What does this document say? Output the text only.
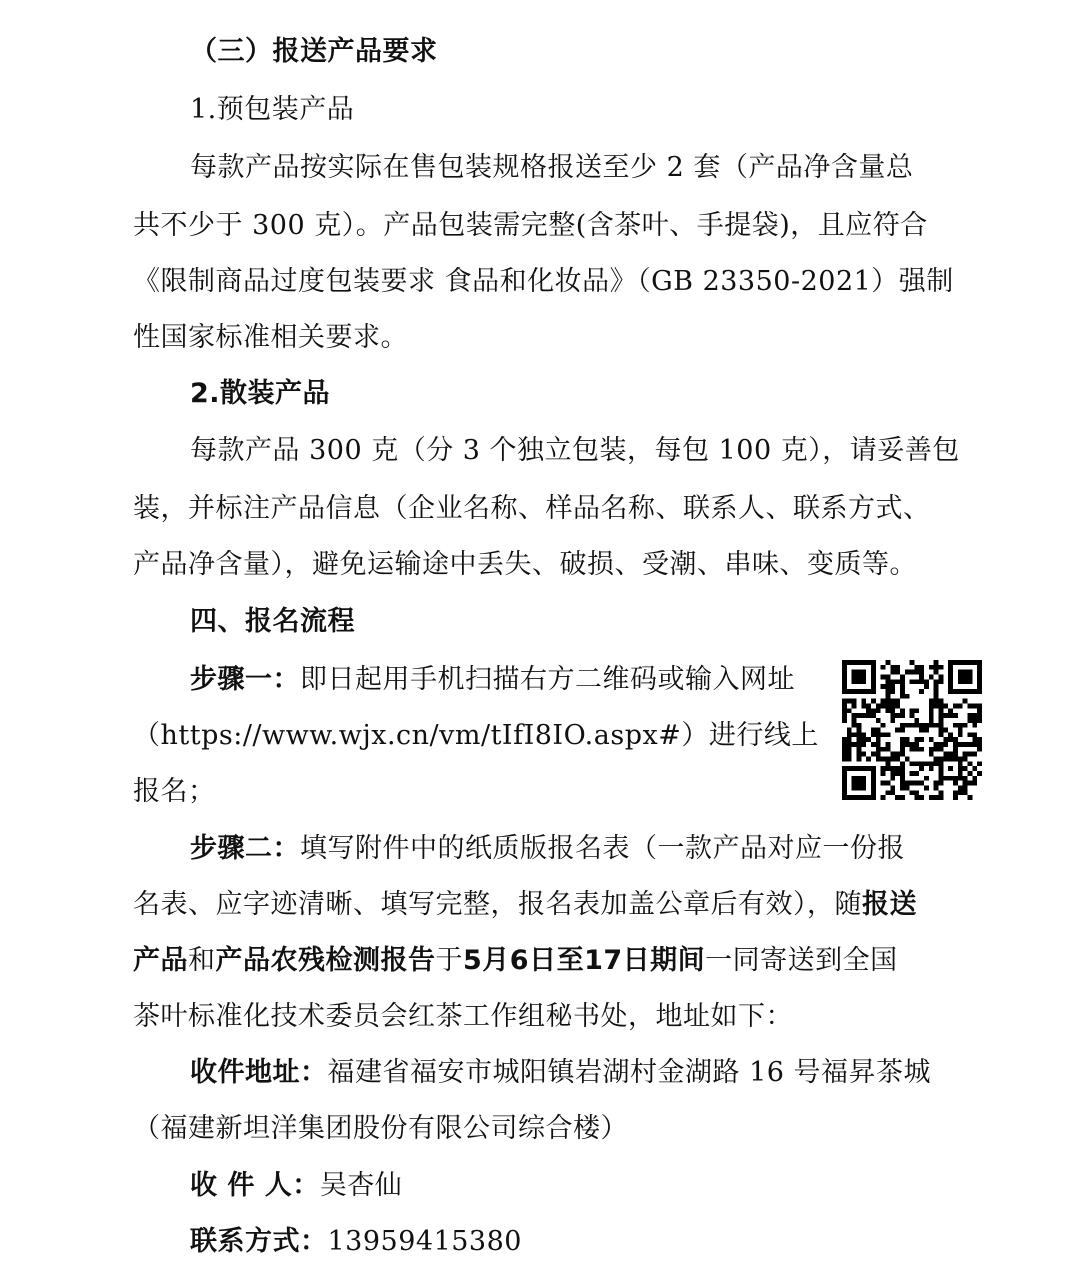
（三）报送产品要求
1.预包装产品
每款产品按实际在售包装规格报送至少 2 套（产品净含量总
共不少于 300 克）。产品包装需完整(含茶叶、手提袋)，且应符合
《限制商品过度包装要求 食品和化妆品》（GB 23350-2021）强制
性国家标准相关要求。
2.散装产品
每款产品 300 克（分 3 个独立包装，每包 100 克），请妥善包
装，并标注产品信息（企业名称、样品名称、联系人、联系方式、
产品净含量），避免运输途中丢失、破损、受潮、串味、变质等。
四、报名流程
步骤一：即日起用手机扫描右方二维码或输入网址
（https://www.wjx.cn/vm/tIfI8IO.aspx#）进行线上
报名；
步骤二：填写附件中的纸质版报名表（一款产品对应一份报
名表、应字迹清晰、填写完整，报名表加盖公章后有效），随报送
产品和产品农残检测报告于5月6日至17日期间一同寄送到全国
茶叶标准化技术委员会红茶工作组秘书处，地址如下：
收件地址：福建省福安市城阳镇岩湖村金湖路 16 号福昇茶城
（福建新坦洋集团股份有限公司综合楼）
收 件 人：吴杏仙
联系方式：13959415380
